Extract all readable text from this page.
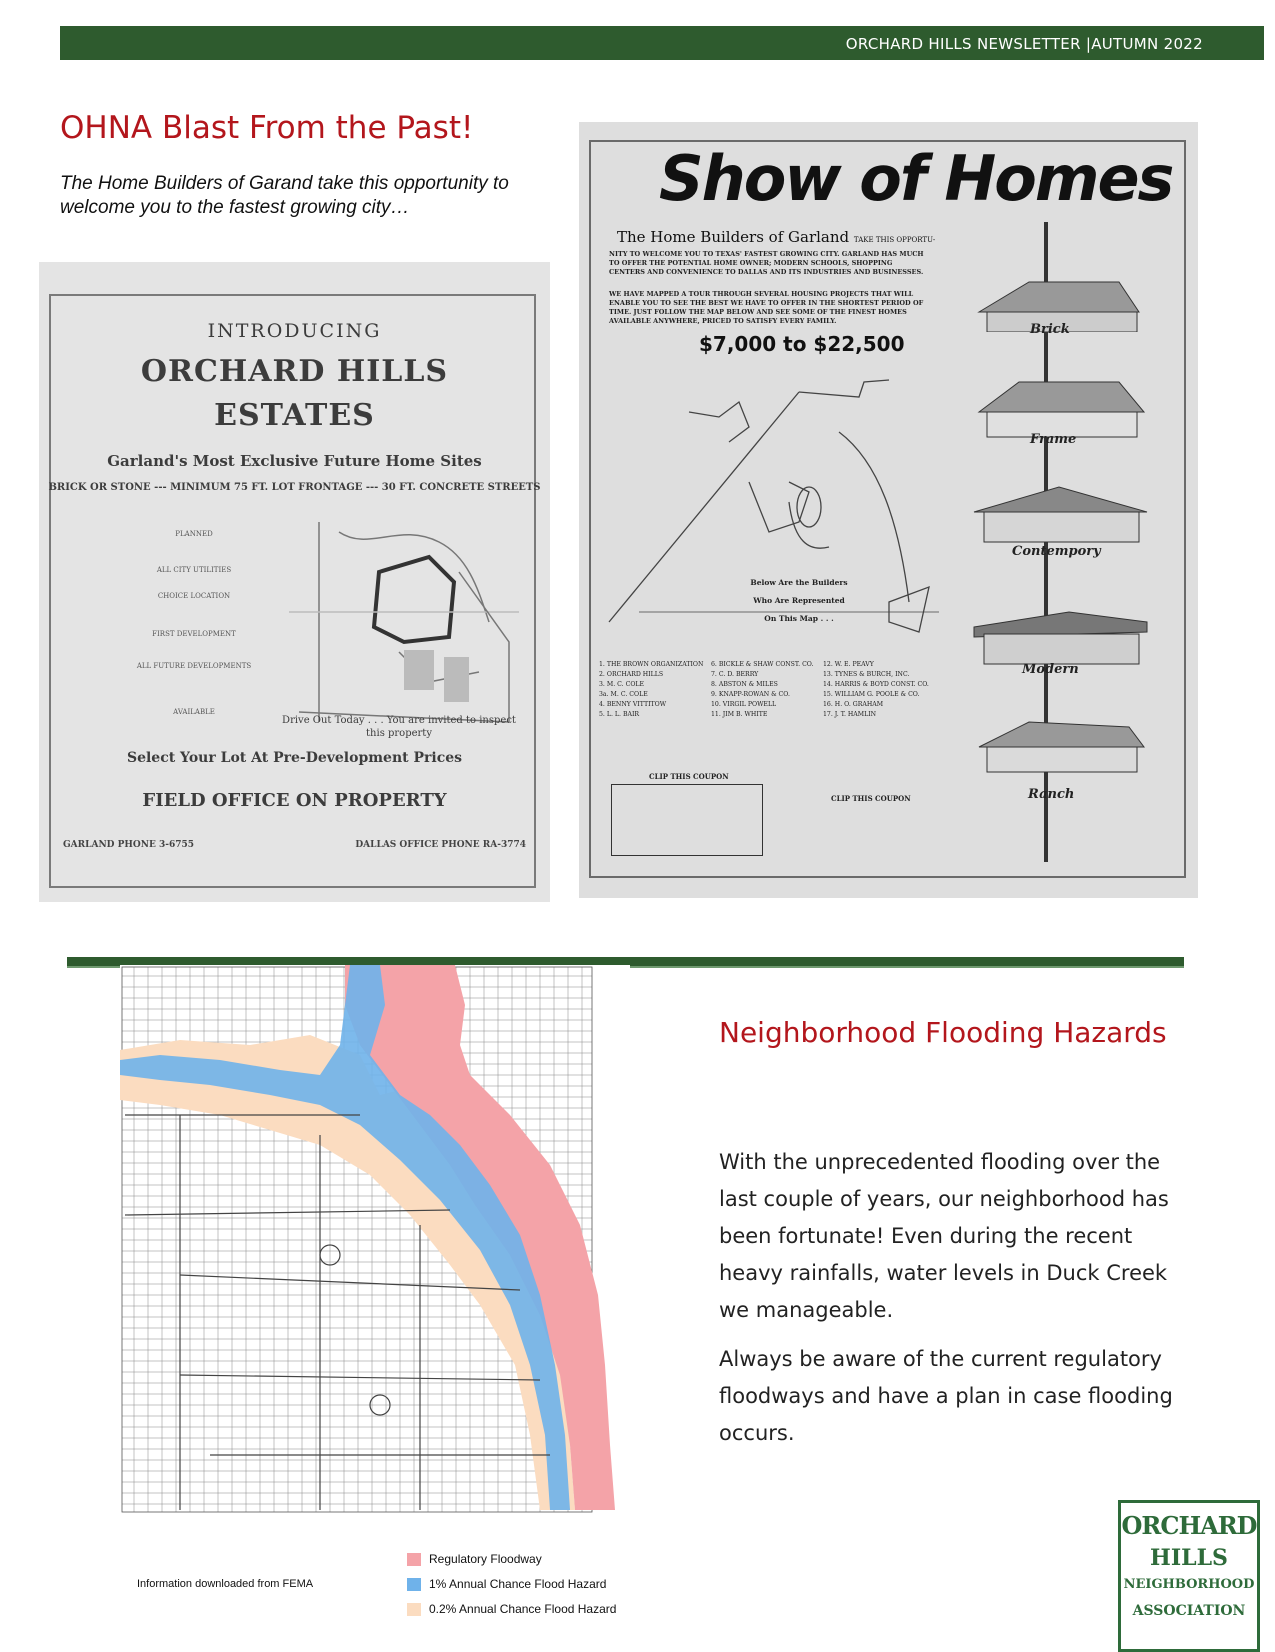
ORCHARD HILLS NEWSLETTER |AUTUMN 2022
OHNA Blast From the Past!
The Home Builders of Garand take this opportunity to welcome you to the fastest growing city…
INTRODUCING
ORCHARD HILLS
ESTATES
Garland's Most Exclusive Future Home Sites
BRICK OR STONE --- MINIMUM 75 FT. LOT FRONTAGE --- 30 FT. CONCRETE STREETS
PLANNED
ALL CITY UTILITIES
CHOICE LOCATION
FIRST DEVELOPMENT
ALL FUTURE DEVELOPMENTS
AVAILABLE
Drive Out Today . . . You are invited to inspect this property
Select Your Lot At Pre-Development Prices
FIELD OFFICE ON PROPERTY
GARLAND PHONE 3-6755	DALLAS OFFICE PHONE RA-3774
Show of Homes
The Home Builders of Garland TAKE THIS OPPORTU-
NITY TO WELCOME YOU TO TEXAS' FASTEST GROWING CITY. GARLAND HAS MUCH TO OFFER THE POTENTIAL HOME OWNER; MODERN SCHOOLS, SHOPPING CENTERS AND CONVENIENCE TO DALLAS AND ITS INDUSTRIES AND BUSINESSES.
WE HAVE MAPPED A TOUR THROUGH SEVERAL HOUSING PROJECTS THAT WILL ENABLE YOU TO SEE THE BEST WE HAVE TO OFFER IN THE SHORTEST PERIOD OF TIME. JUST FOLLOW THE MAP BELOW AND SEE SOME OF THE FINEST HOMES AVAILABLE ANYWHERE, PRICED TO SATISFY EVERY FAMILY.
$7,000 to $22,500
Below Are the Builders
Who Are Represented
On This Map . . .
1. THE BROWN ORGANIZATION
2. ORCHARD HILLS
3. M. C. COLE
3a. M. C. COLE
4. BENNY VITTITOW
5. L. L. BAIR
6. BICKLE & SHAW CONST. CO.
7. C. D. BERRY
8. ABSTON & MILES
9. KNAPP-ROWAN & CO.
10. VIRGIL POWELL
11. JIM B. WHITE
12. W. E. PEAVY
13. TYNES & BURCH, INC.
14. HARRIS & BOYD CONST. CO.
15. WILLIAM G. POOLE & CO.
16. H. O. GRAHAM
17. J. T. HAMLIN
CLIP THIS COUPON
CLIP THIS COUPON
Brick
Frame
Contempory
Modern
Ranch
Information downloaded from FEMA
Regulatory Floodway
1% Annual Chance Flood Hazard
0.2% Annual Chance Flood Hazard
Neighborhood Flooding Hazards
With the unprecedented flooding over the last couple of years, our neighborhood has been fortunate! Even during the recent heavy rainfalls, water levels in Duck Creek we manageable.
Always be aware of the current regulatory floodways and have a plan in case flooding occurs.
ORCHARD
HILLS
NEIGHBORHOOD
ASSOCIATION
